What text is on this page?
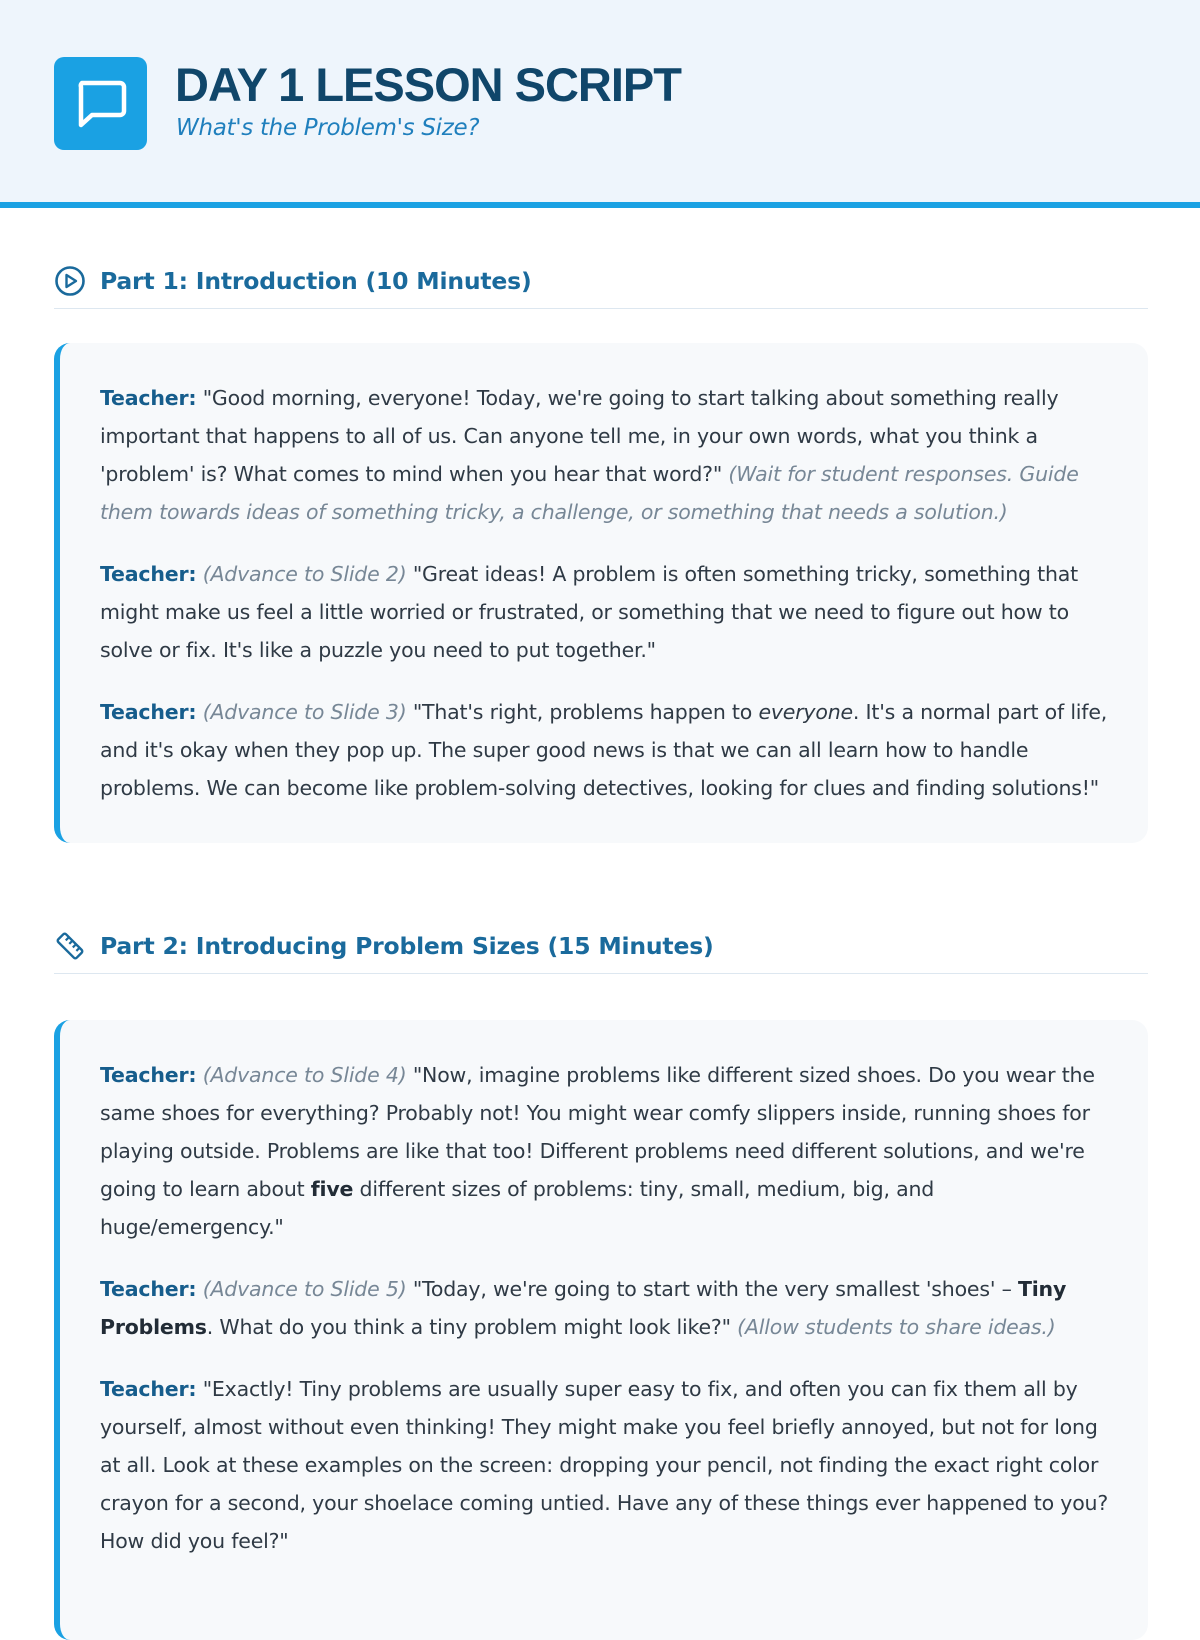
DAY 1 LESSON SCRIPT
What's the Problem's Size?
Part 1: Introduction (10 Minutes)

Teacher: "Good morning, everyone! Today, we're going to start talking about something really important that happens to all of us. Can anyone tell me, in your own words, what you think a 'problem' is? What comes to mind when you hear that word?" (Wait for student responses. Guide them towards ideas of something tricky, a challenge, or something that needs a solution.)

Teacher: (Advance to Slide 2) "Great ideas! A problem is often something tricky, something that might make us feel a little worried or frustrated, or something that we need to figure out how to solve or fix. It's like a puzzle you need to put together."

Teacher: (Advance to Slide 3) "That's right, problems happen to everyone. It's a normal part of life, and it's okay when they pop up. The super good news is that we can all learn how to handle problems. We can become like problem-solving detectives, looking for clues and finding solutions!"

Part 2: Introducing Problem Sizes (15 Minutes)

Teacher: (Advance to Slide 4) "Now, imagine problems like different sized shoes. Do you wear the same shoes for everything? Probably not! You might wear comfy slippers inside, running shoes for playing outside. Problems are like that too! Different problems need different solutions, and we're going to learn about five different sizes of problems: tiny, small, medium, big, and huge/emergency."

Teacher: (Advance to Slide 5) "Today, we're going to start with the very smallest 'shoes' – Tiny Problems. What do you think a tiny problem might look like?" (Allow students to share ideas.)

Teacher: "Exactly! Tiny problems are usually super easy to fix, and often you can fix them all by yourself, almost without even thinking! They might make you feel briefly annoyed, but not for long at all. Look at these examples on the screen: dropping your pencil, not finding the exact right color crayon for a second, your shoelace coming untied. Have any of these things ever happened to you? How did you feel?"
